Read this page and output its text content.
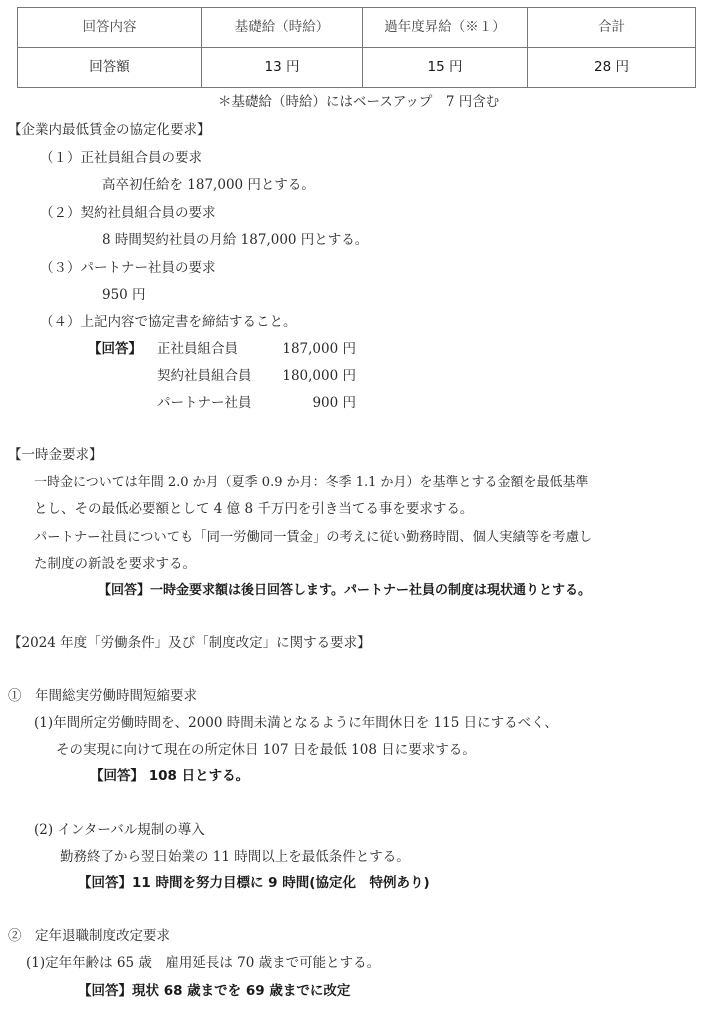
回答内容	基礎給（時給）	過年度昇給（※１）	合計
回答額	13 円	15 円	28 円
＊基礎給（時給）にはベースアップ　7 円含む
【企業内最低賃金の協定化要求】
（１）正社員組合員の要求
高卒初任給を 187,000 円とする。
（２）契約社員組合員の要求
8 時間契約社員の月給 187,000 円とする。
（３）パートナー社員の要求
950 円
（４）上記内容で協定書を締結すること。
【回答】 正社員組合員	187,000 円
契約社員組合員	180,000 円
パートナー社員	900 円
【一時金要求】
一時金については年間 2.0 か月（夏季 0.9 か月：冬季 1.1 か月）を基準とする金額を最低基準
とし、その最低必要額として 4 億 8 千万円を引き当てる事を要求する。
パートナー社員についても「同一労働同一賃金」の考えに従い勤務時間、個人実績等を考慮し
た制度の新設を要求する。
【回答】一時金要求額は後日回答します。パートナー社員の制度は現状通りとする。
【2024 年度「労働条件」及び「制度改定」に関する要求】
①　年間総実労働時間短縮要求
(1)年間所定労働時間を、2000 時間未満となるように年間休日を 115 日にするべく、
その実現に向けて現在の所定休日 107 日を最低 108 日に要求する。
【回答】 108 日とする。
(2) インターバル規制の導入
勤務終了から翌日始業の 11 時間以上を最低条件とする。
【回答】11 時間を努力目標に 9 時間(協定化　特例あり)
②　定年退職制度改定要求
(1)定年年齢は 65 歳　雇用延長は 70 歳まで可能とする。
【回答】現状 68 歳までを 69 歳までに改定
